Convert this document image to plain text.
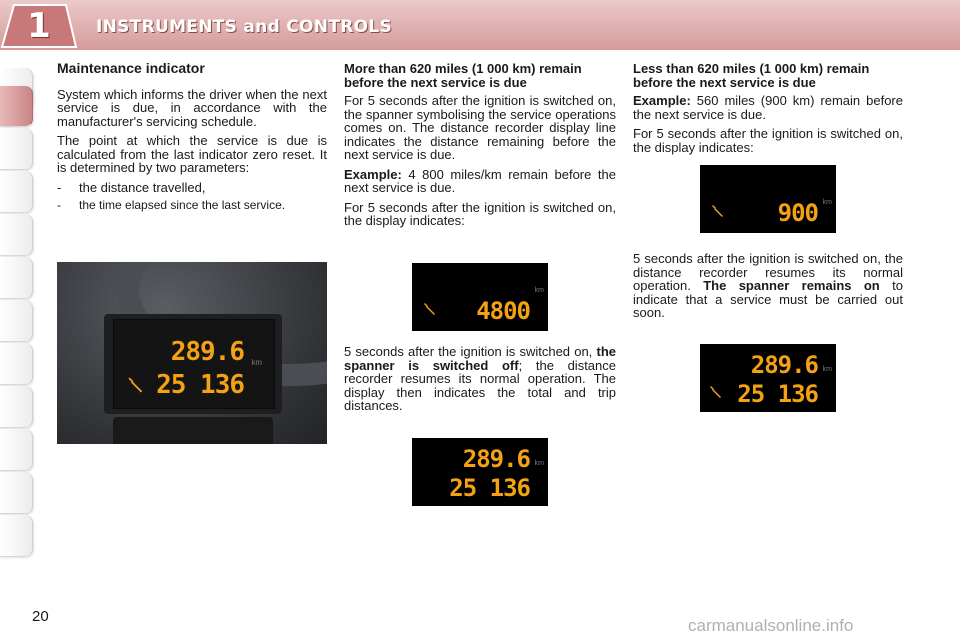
1	INSTRUMENTS and CONTROLS
Maintenance indicator

System which informs the driver when the next service is due, in accordance with the manufacturer's servicing schedule.

The point at which the service is due is calculated from the last indicator zero reset. It is determined by two parameters:

-	the distance travelled,
-	the time elapsed since the last service.
289.6 km
25 136
More than 620 miles (1 000 km) remain before the next service is due

For 5 seconds after the ignition is switched on, the spanner symbolising the service operations comes on. The distance recorder display line indicates the distance remaining before the next service is due.

Example: 4 800 miles/km remain before the next service is due.

For 5 seconds after the ignition is switched on, the display indicates:

4800
km

5 seconds after the ignition is switched on, the spanner is switched off; the distance recorder resumes its normal operation. The display then indicates the total and trip distances.

289.6 km
25 136
Less than 620 miles (1 000 km) remain before the next service is due

Example: 560 miles (900 km) remain before the next service is due.

For 5 seconds after the ignition is switched on, the display indicates:

900 km

5 seconds after the ignition is switched on, the distance recorder resumes its normal operation. The spanner remains on to indicate that a service must be carried out soon.

289.6 km
25 136
20	carmanualsonline.info
